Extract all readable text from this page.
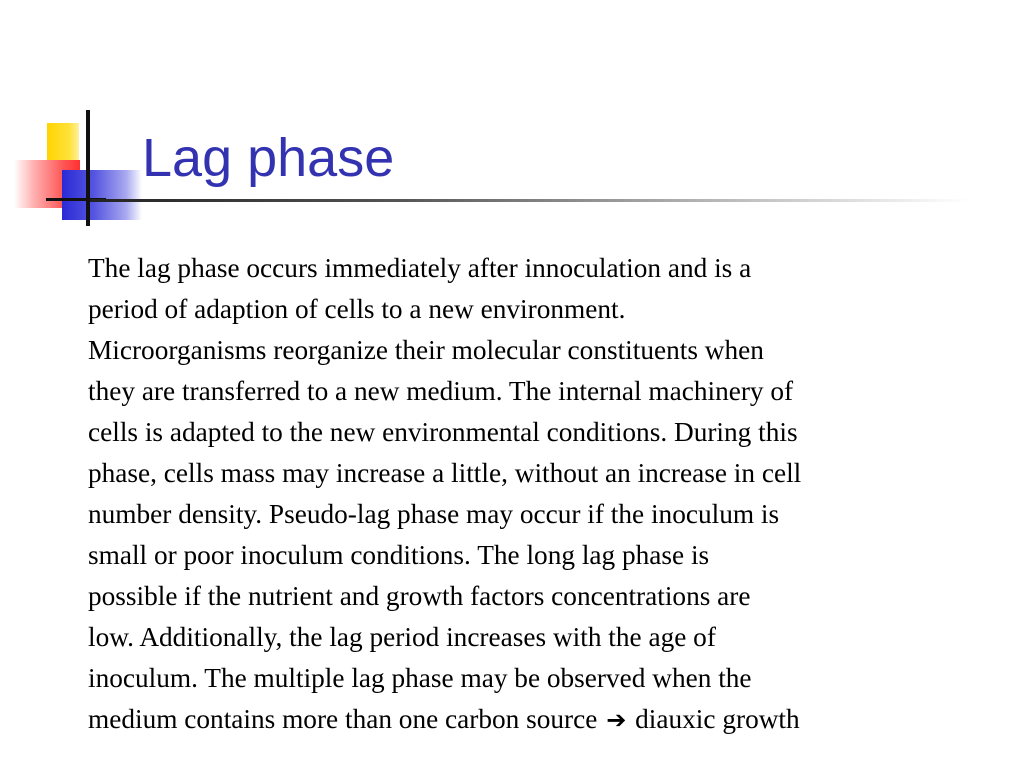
Lag phase
The lag phase occurs immediately after innoculation and is a
period of adaption of cells to a new environment.
Microorganisms reorganize their molecular constituents when
they are transferred to a new medium. The internal machinery of
cells is adapted to the new environmental conditions. During this
phase, cells mass may increase a little, without an increase in cell
number density. Pseudo-lag phase may occur if the inoculum is
small or poor inoculum conditions. The long lag phase is
possible if the nutrient and growth factors concentrations are
low. Additionally, the lag period increases with the age of
inoculum. The multiple lag phase may be observed when the
medium contains more than one carbon source ➔ diauxic growth
